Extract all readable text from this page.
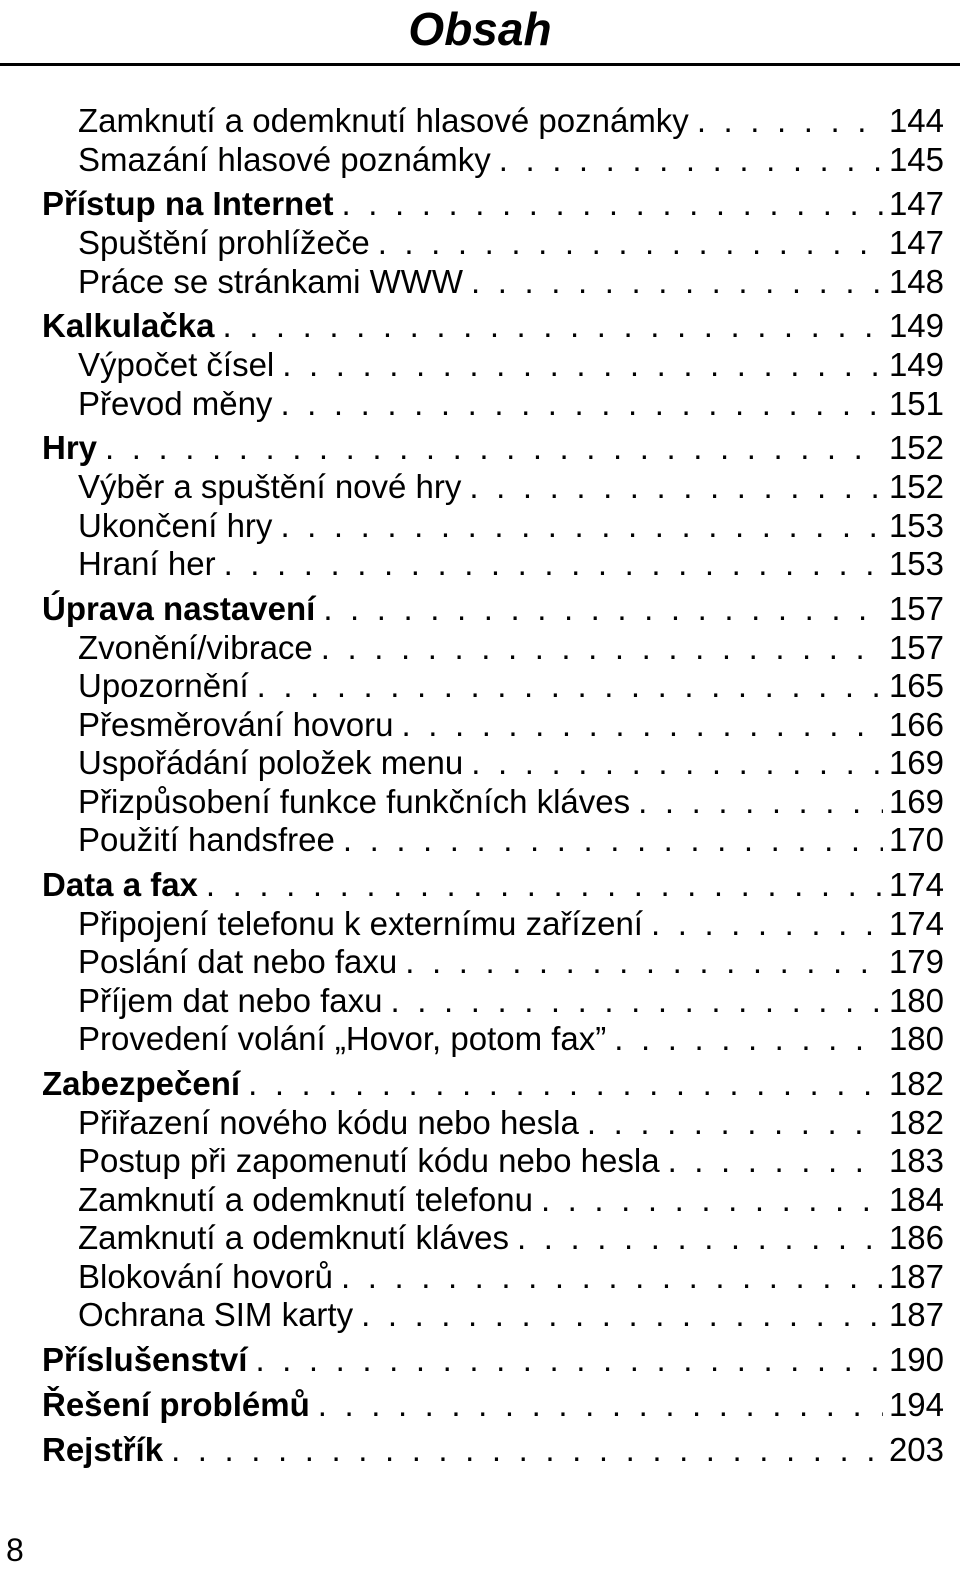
Obsah
Zamknutí a odemknutí hlasové poznámky . . .	144
Smazání hlasové poznámky . . .	145
Přístup na Internet . . .	147
Spuštění prohlížeče . . .	147
Práce se stránkami WWW . . .	148
Kalkulačka . . .	149
Výpočet čísel . . .	149
Převod měny . . .	151
Hry . . .	152
Výběr a spuštění nové hry . . .	152
Ukončení hry . . .	153
Hraní her . . .	153
Úprava nastavení . . .	157
Zvonění/vibrace . . .	157
Upozornění . . .	165
Přesměrování hovoru . . .	166
Uspořádání položek menu . . .	169
Přizpůsobení funkce funkčních kláves . . .	169
Použití handsfree . . .	170
Data a fax . . .	174
Připojení telefonu k externímu zařízení . . .	174
Poslání dat nebo faxu . . .	179
Příjem dat nebo faxu . . .	180
Provedení volání „Hovor, potom fax” . . .	180
Zabezpečení . . .	182
Přiřazení nového kódu nebo hesla . . .	182
Postup při zapomenutí kódu nebo hesla . . .	183
Zamknutí a odemknutí telefonu . . .	184
Zamknutí a odemknutí kláves . . .	186
Blokování hovorů . . .	187
Ochrana SIM karty . . .	187
Příslušenství . . .	190
Řešení problémů . . .	194
Rejstřík . . .	203
8
